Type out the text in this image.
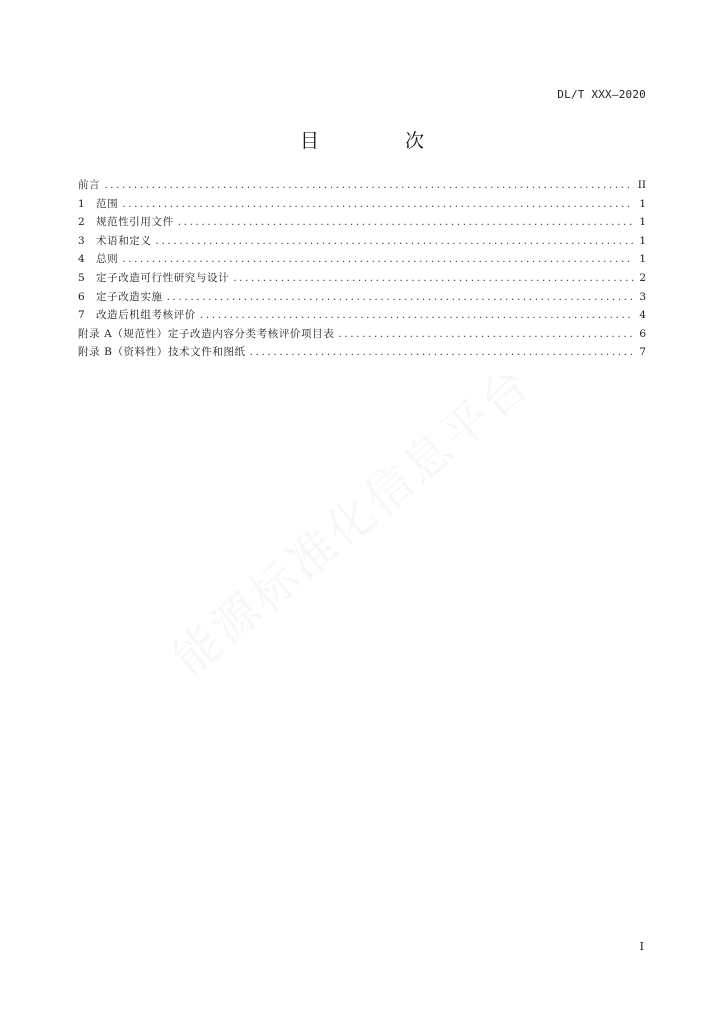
DL/T XXX—2020
目 次
前言 .....	II
1	范围 .....	1
2	规范性引用文件 .....	1
3	术语和定义 .....	1
4	总则 .....	1
5	定子改造可行性研究与设计 .....	2
6	定子改造实施 .....	3
7	改造后机组考核评价 .....	4
附录 A（规范性）定子改造内容分类考核评价项目表 .....	6
附录 B（资料性）技术文件和图纸 .....	7
能源标准化信息平台
I
